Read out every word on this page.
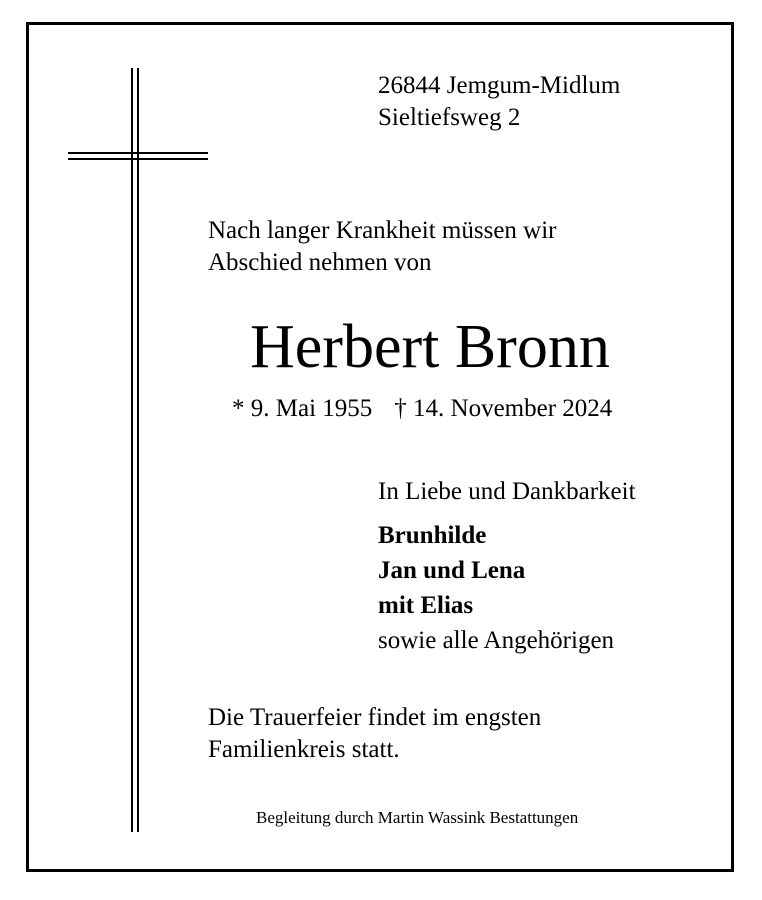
26844 Jemgum-Midlum
Sieltiefsweg 2
Nach langer Krankheit müssen wir
Abschied nehmen von
Herbert Bronn
* 9. Mai 1955 † 14. November 2024
In Liebe und Dankbarkeit
Brunhilde
Jan und Lena
mit Elias
sowie alle Angehörigen
Die Trauerfeier findet im engsten
Familienkreis statt.
Begleitung durch Martin Wassink Bestattungen
